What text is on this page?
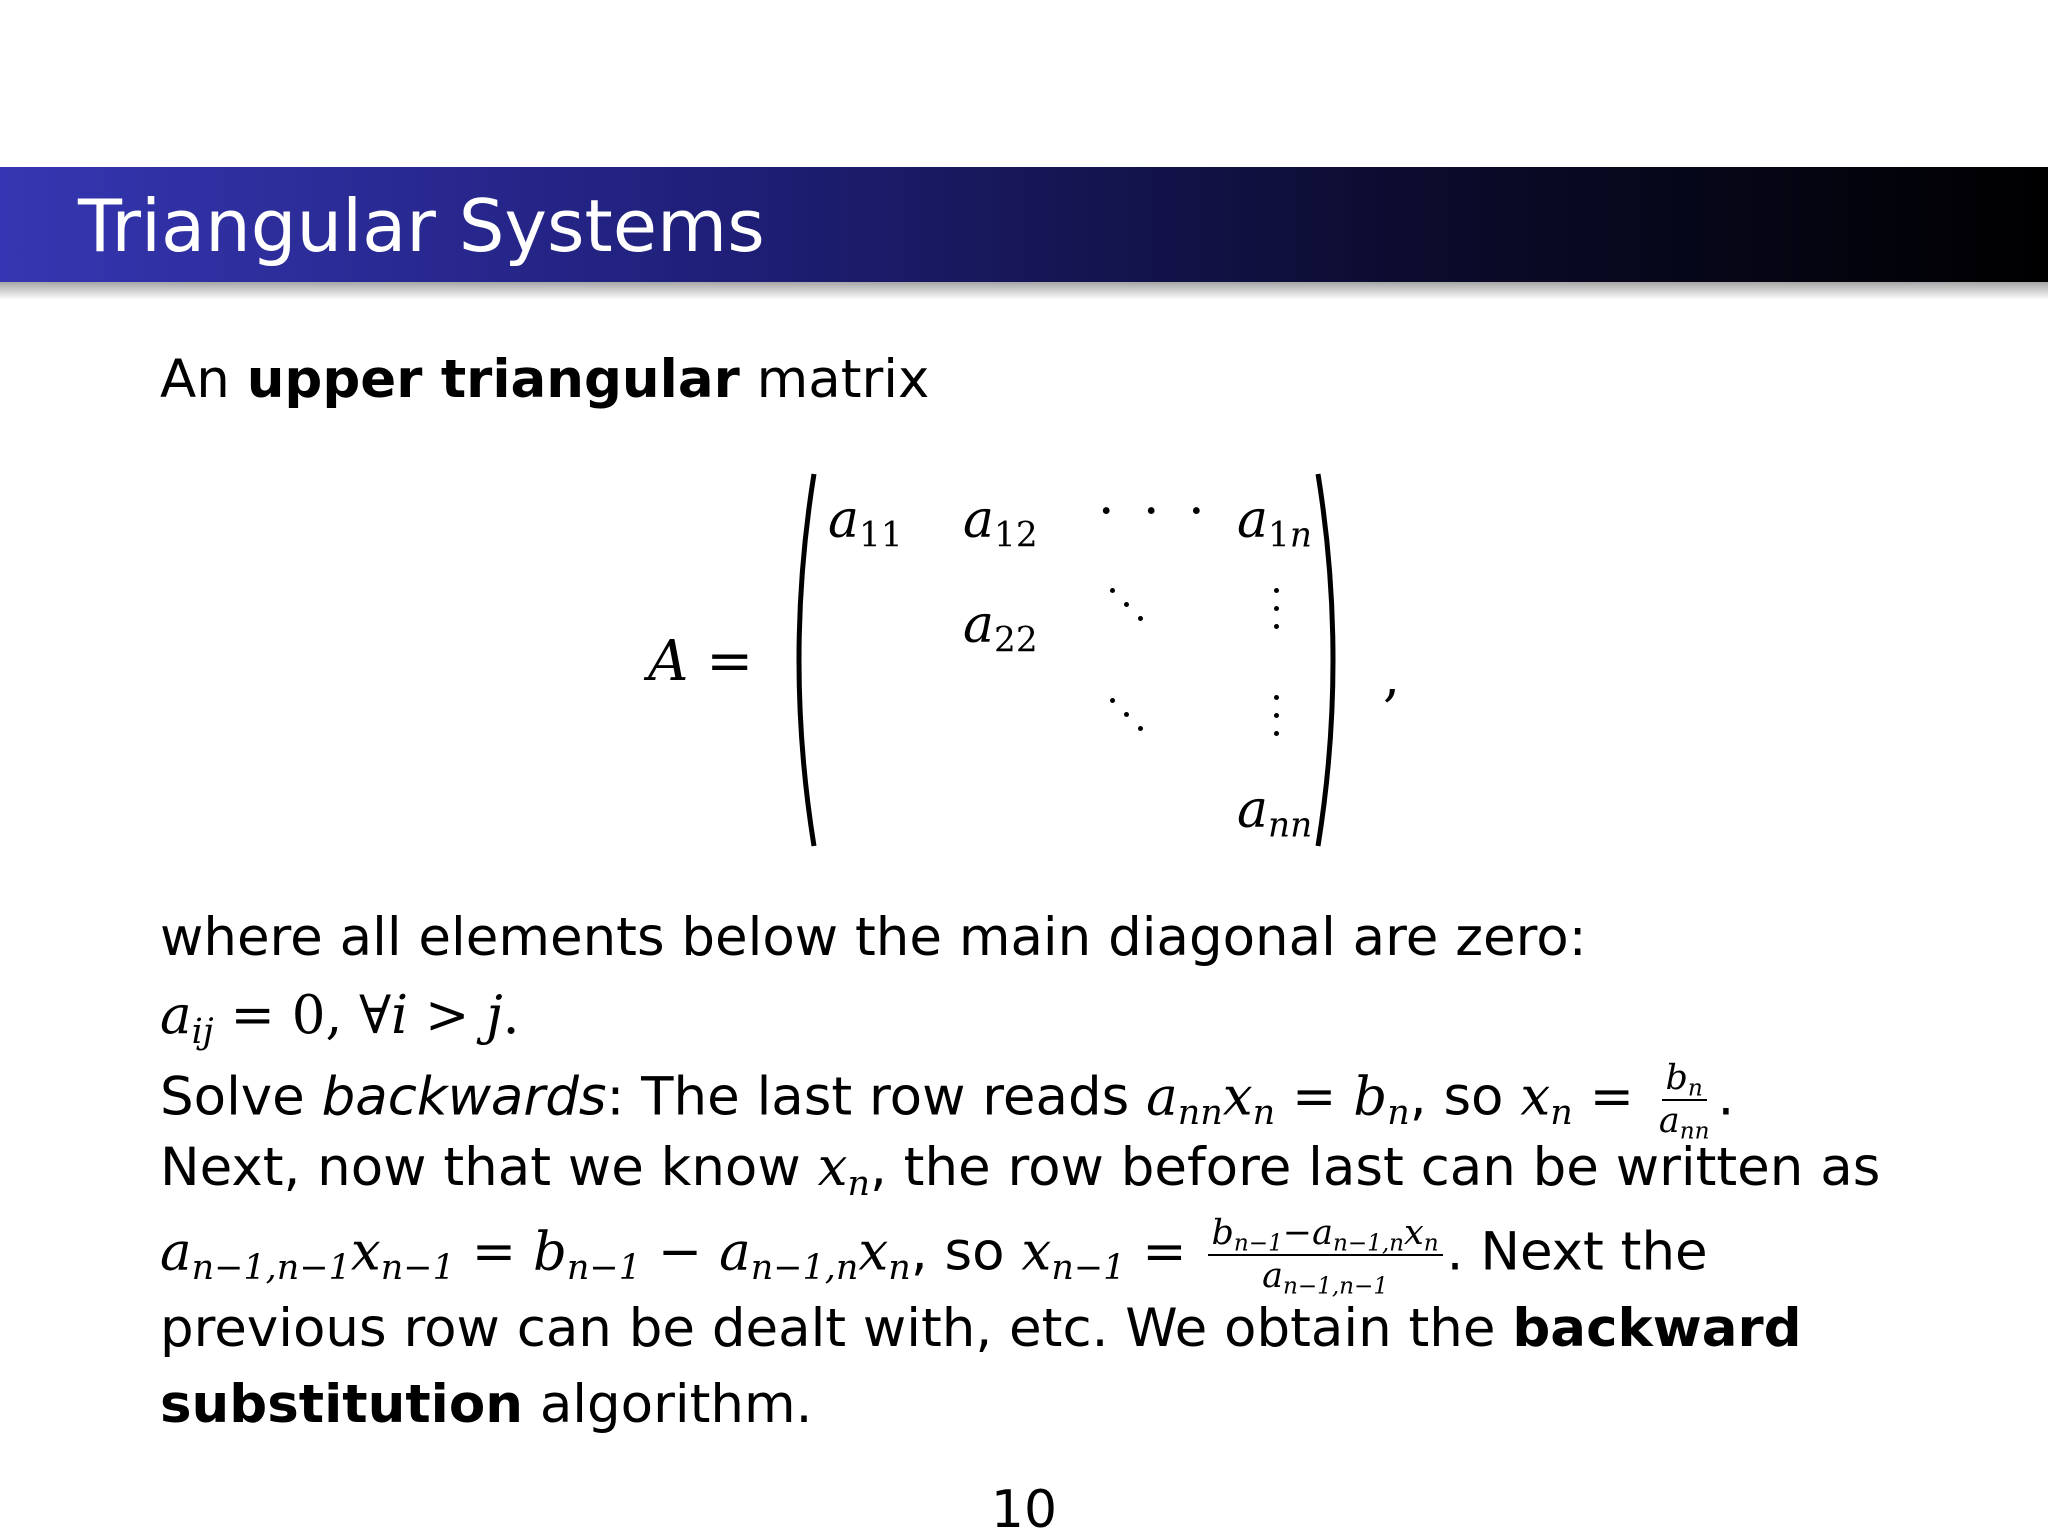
Triangular Systems
An upper triangular matrix
A =
$a_{11}$ $a_{12}$ · · · $a_{1n}$
$a_{22}$
$a_{nn}$
,
where all elements below the main diagonal are zero:
$a_{ij} = 0$, ∀i > j.
Solve backwards: The last row reads $a_{nn}x_n = b_n$, so $x_n = \frac{b_n}{a_{nn}}$ .
Next, now that we know $x_n$, the row before last can be written as
$a_{n-1,n-1}x_{n-1} = b_{n-1} - a_{n-1,n}x_n$, so $x_{n-1} = \frac{b_{n-1}-a_{n-1,n}x_n}{a_{n-1,n-1}}$ . Next the
previous row can be dealt with, etc. We obtain the backward
substitution algorithm.
10
